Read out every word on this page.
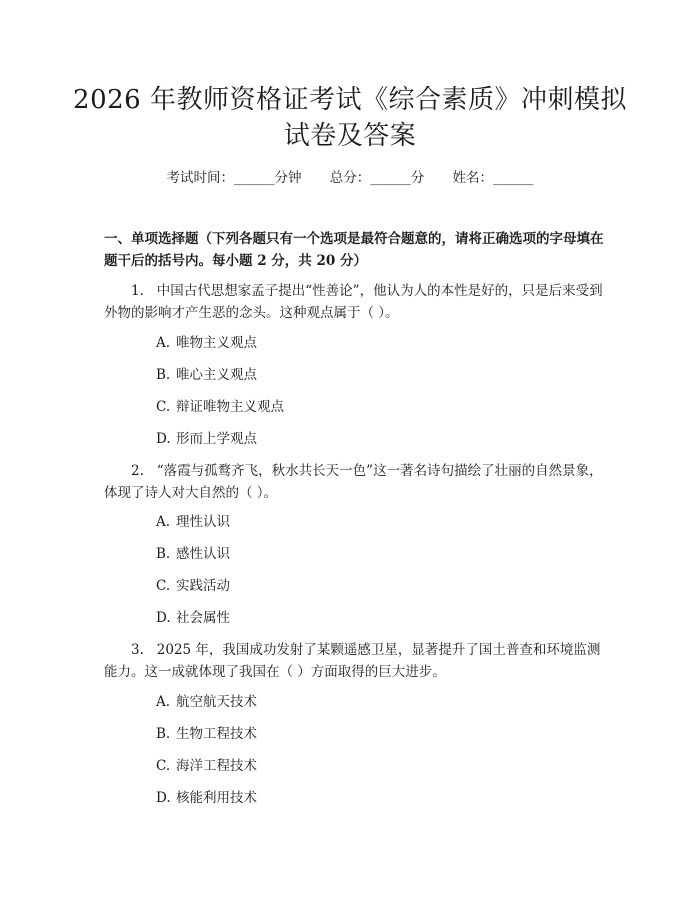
2026 年教师资格证考试《综合素质》冲刺模拟试卷及答案
考试时间：______分钟 总分：______分 姓名：______

一、单项选择题（下列各题只有一个选项是最符合题意的，请将正确选项的字母填在题干后的括号内。每小题 2 分，共 20 分）

1. 中国古代思想家孟子提出“性善论”，他认为人的本性是好的，只是后来受到外物的影响才产生恶的念头。这种观点属于（ ）。

A. 唯物主义观点
B. 唯心主义观点
C. 辩证唯物主义观点
D. 形而上学观点

2. “落霞与孤鹜齐飞，秋水共长天一色”这一著名诗句描绘了壮丽的自然景象，体现了诗人对大自然的（ ）。

A. 理性认识
B. 感性认识
C. 实践活动
D. 社会属性

3. 2025 年，我国成功发射了某颗遥感卫星，显著提升了国土普查和环境监测能力。这一成就体现了我国在（ ）方面取得的巨大进步。

A. 航空航天技术
B. 生物工程技术
C. 海洋工程技术
D. 核能利用技术
